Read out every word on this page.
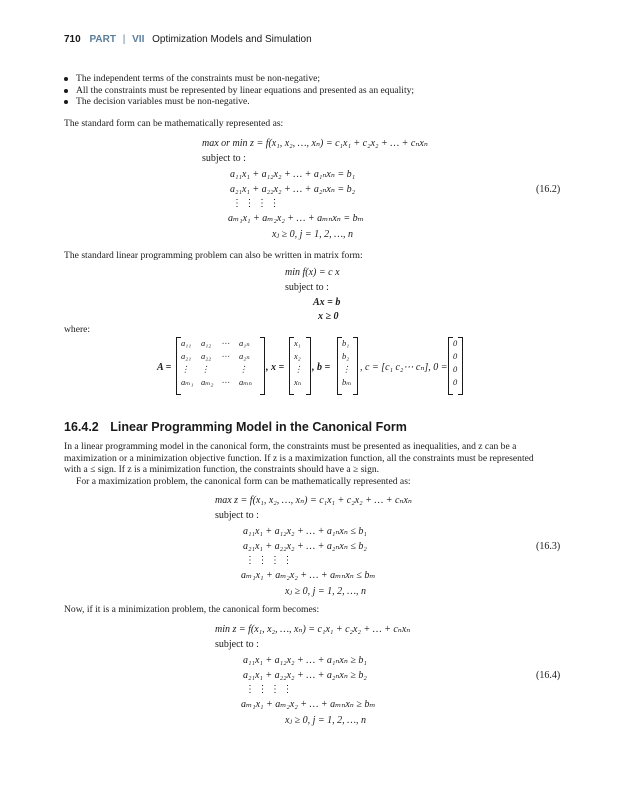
710 PART | VII Optimization Models and Simulation
The independent terms of the constraints must be non-negative;
All the constraints must be represented by linear equations and presented as an equality;
The decision variables must be non-negative.
The standard form can be mathematically represented as:
max or min z = f(x₁, x₂, …, xₙ) = c₁x₁ + c₂x₂ + … + cₙxₙ
subject to :
a₁₁x₁ + a₁₂x₂ + … + a₁ₙxₙ = b₁
a₂₁x₁ + a₂₂x₂ + … + a₂ₙxₙ = b₂
⋮ ⋮ ⋮ ⋮
aₘ₁x₁ + aₘ₂x₂ + … + aₘₙxₙ = bₘ
xⱼ ≥ 0, j = 1, 2, …, n
(16.2)
The standard linear programming problem can also be written in matrix form:
min f(x) = c x
subject to :
Ax = b
x ≥ 0
where:
A =
a₁₁	a₁₂	⋯	a₁ₙ
a₂₁	a₂₂	⋯	a₂ₙ
⋮	⋮	⋮
aₘ₁ aₘ₂ ⋯	aₘₙ
, x =
x₁
x₂
⋮
xₙ
, b =
b₁
b₂
⋮
bₘ
, c = [c₁ c₂⋯ cₙ], 0 =
0
0
0
0
16.4.2 Linear Programming Model in the Canonical Form
In a linear programming model in the canonical form, the constraints must be presented as inequalities, and z can be a
maximization or a minimization objective function. If z is a maximization function, all the constraints must be represented
with a ≤ sign. If z is a minimization function, the constraints should have a ≥ sign.
For a maximization problem, the canonical form can be mathematically represented as:
max z = f(x₁, x₂, …, xₙ) = c₁x₁ + c₂x₂ + … + cₙxₙ
subject to :
a₁₁x₁ + a₁₂x₂ + … + a₁ₙxₙ ≤ b₁
a₂₁x₁ + a₂₂x₂ + … + a₂ₙxₙ ≤ b₂
⋮ ⋮ ⋮ ⋮
aₘ₁x₁ + aₘ₂x₂ + … + aₘₙxₙ ≤ bₘ
xⱼ ≥ 0, j = 1, 2, …, n
(16.3)
Now, if it is a minimization problem, the canonical form becomes:
min z = f(x₁, x₂, …, xₙ) = c₁x₁ + c₂x₂ + … + cₙxₙ
subject to :
a₁₁x₁ + a₁₂x₂ + … + a₁ₙxₙ ≥ b₁
a₂₁x₁ + a₂₂x₂ + … + a₂ₙxₙ ≥ b₂
⋮ ⋮ ⋮ ⋮
aₘ₁x₁ + aₘ₂x₂ + … + aₘₙxₙ ≥ bₘ
xⱼ ≥ 0, j = 1, 2, …, n
(16.4)
